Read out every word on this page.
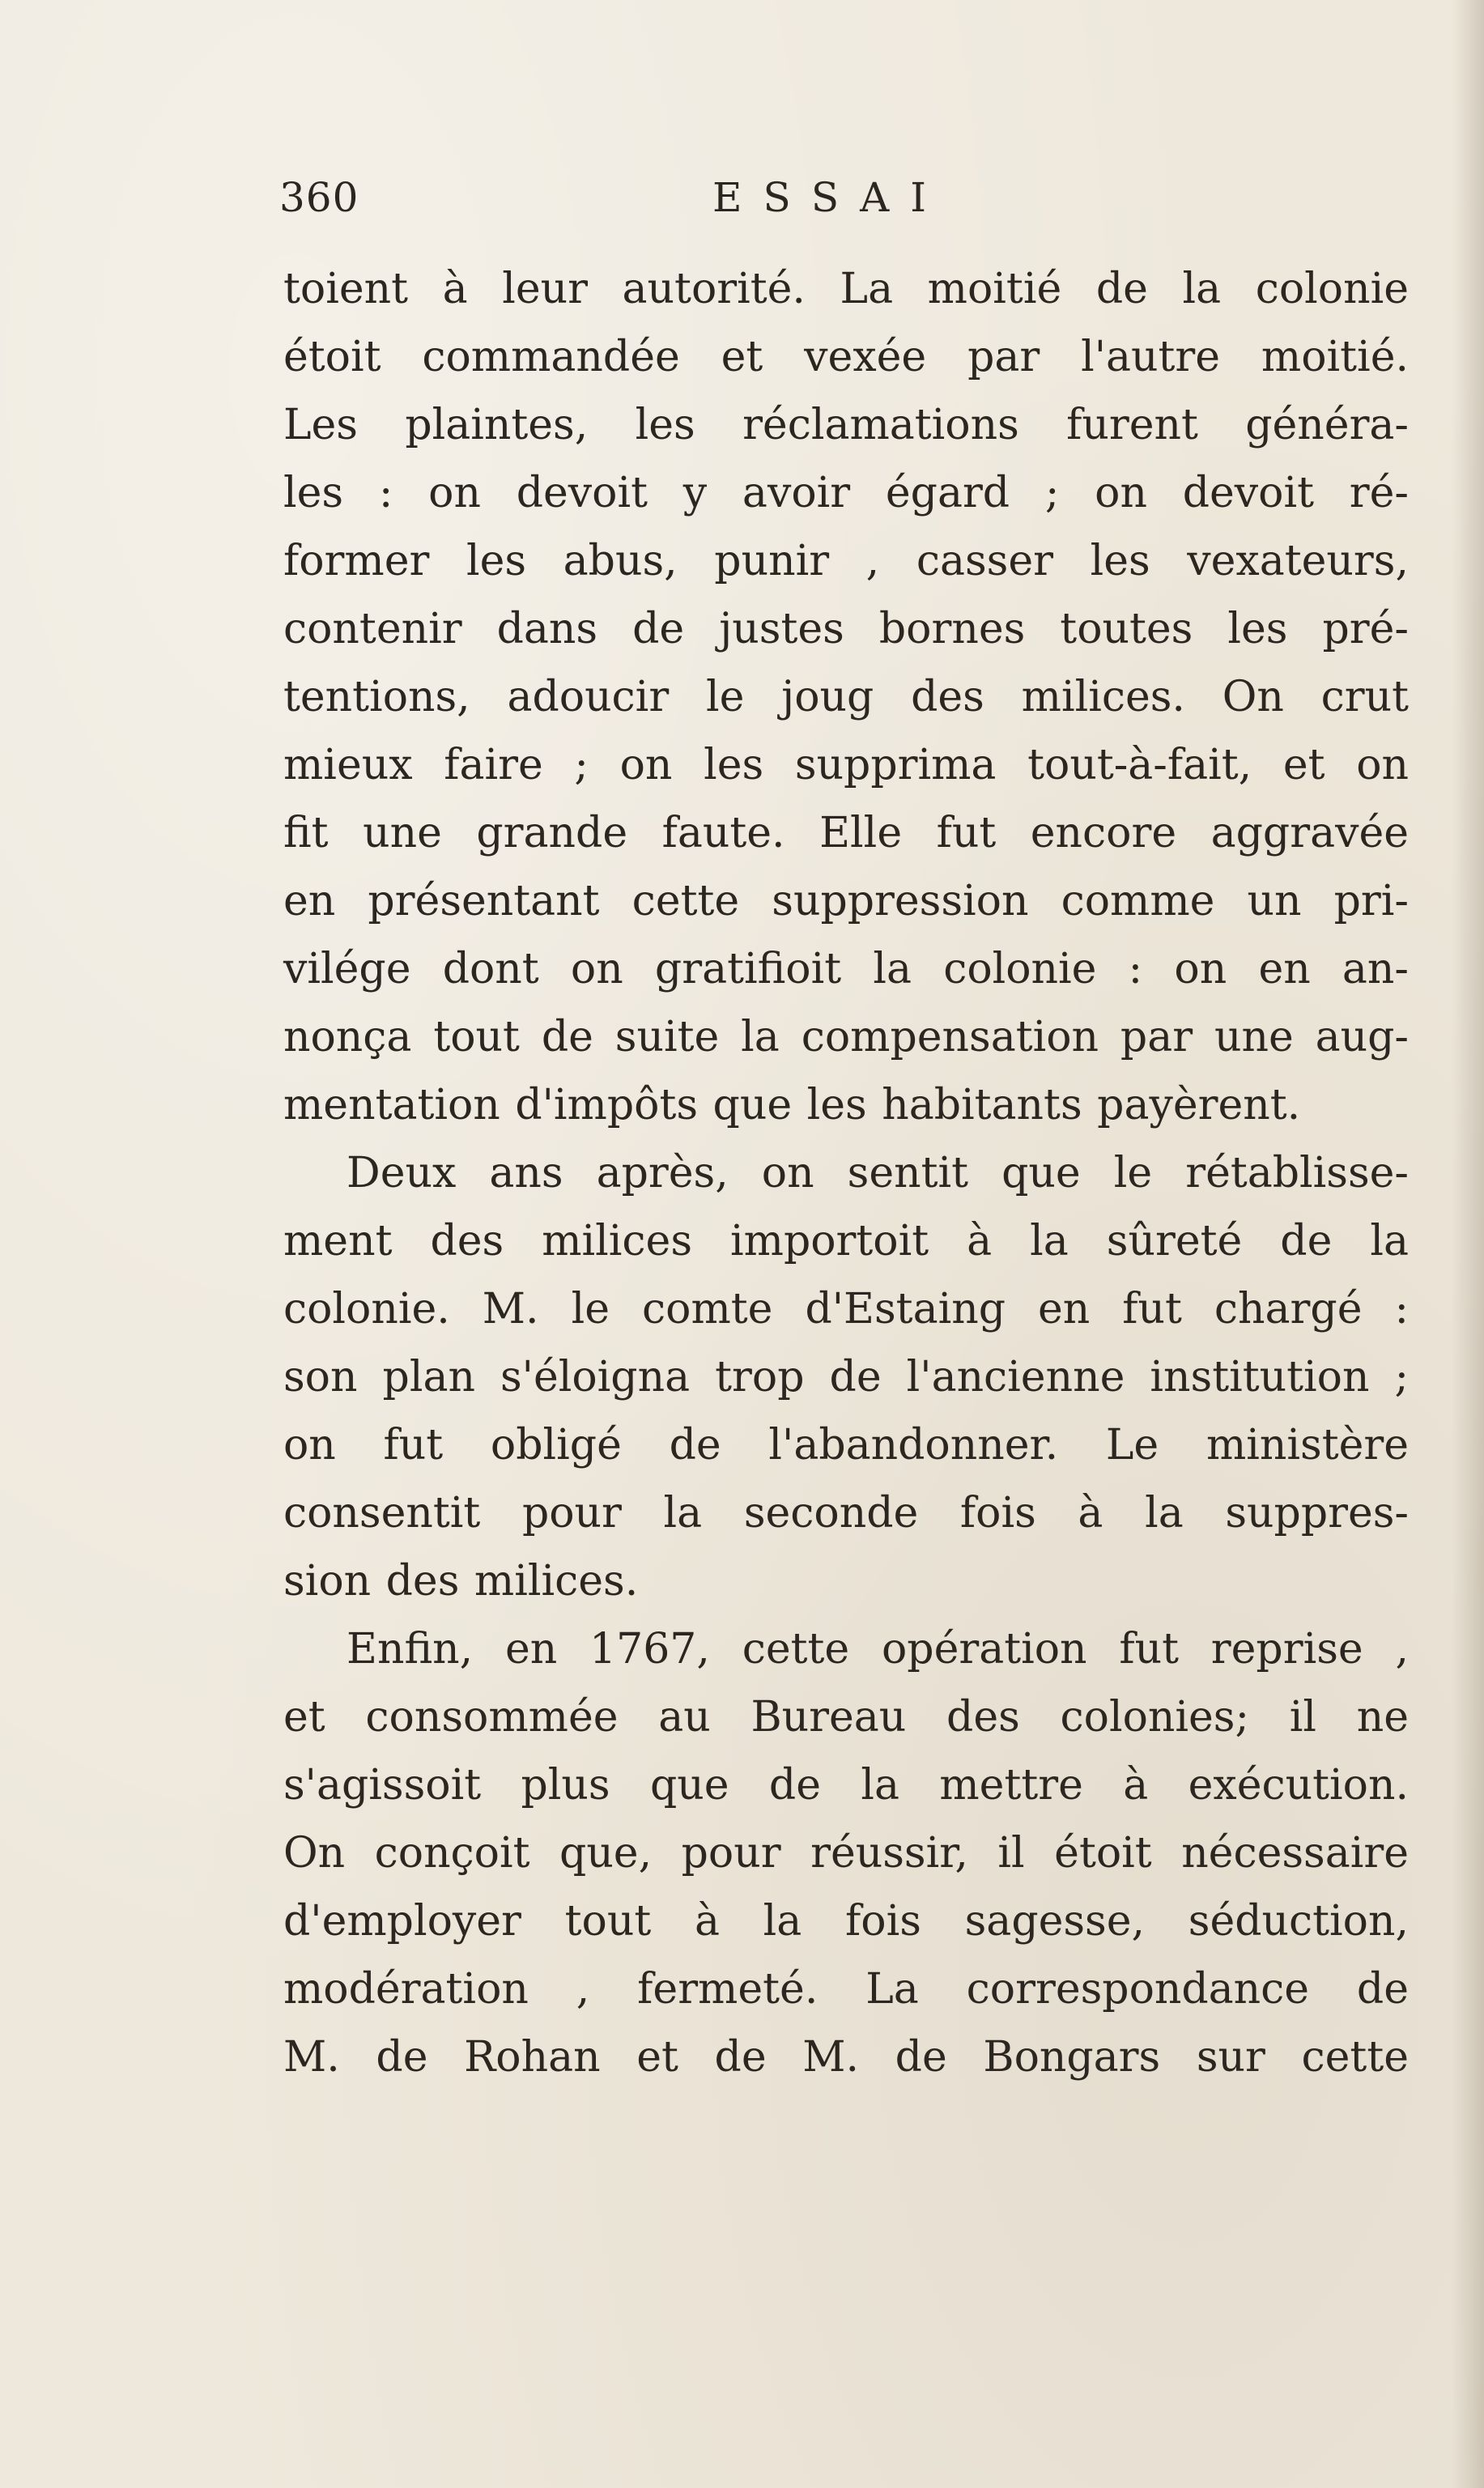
360	ESSAI
toient à leur autorité. La moitié de la colonie
étoit commandée et vexée par l'autre moitié.
Les plaintes, les réclamations furent généra-
les : on devoit y avoir égard ; on devoit ré-
former les abus, punir , casser les vexateurs,
contenir dans de justes bornes toutes les pré-
tentions, adoucir le joug des milices. On crut
mieux faire ; on les supprima tout-à-fait, et on
fit une grande faute. Elle fut encore aggravée
en présentant cette suppression comme un pri-
vilége dont on gratifioit la colonie : on en an-
nonça tout de suite la compensation par une aug-
mentation d'impôts que les habitants payèrent.
Deux ans après, on sentit que le rétablisse-
ment des milices importoit à la sûreté de la
colonie. M. le comte d'Estaing en fut chargé :
son plan s'éloigna trop de l'ancienne institution ;
on fut obligé de l'abandonner. Le ministère
consentit pour la seconde fois à la suppres-
sion des milices.
Enfin, en 1767, cette opération fut reprise ,
et consommée au Bureau des colonies; il ne
s'agissoit plus que de la mettre à exécution.
On conçoit que, pour réussir, il étoit nécessaire
d'employer tout à la fois sagesse, séduction,
modération , fermeté. La correspondance de
M. de Rohan et de M. de Bongars sur cette
